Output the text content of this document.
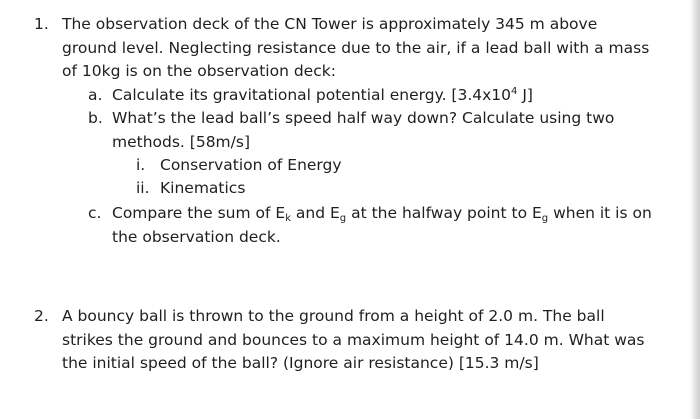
1. The observation deck of the CN Tower is approximately 345 m above ground level. Neglecting resistance due to the air, if a lead ball with a mass of 10kg is on the observation deck:
a. Calculate its gravitational potential energy. [$3.4x10^4$ J]
b. What’s the lead ball’s speed half way down? Calculate using two methods. [58m/s]
i. Conservation of Energy
ii. Kinematics
c. Compare the sum of $E_k$ and $E_g$ at the halfway point to $E_g$ when it is on the observation deck.
2. A bouncy ball is thrown to the ground from a height of 2.0 m. The ball strikes the ground and bounces to a maximum height of 14.0 m. What was the initial speed of the ball? (Ignore air resistance) [15.3 m/s]
